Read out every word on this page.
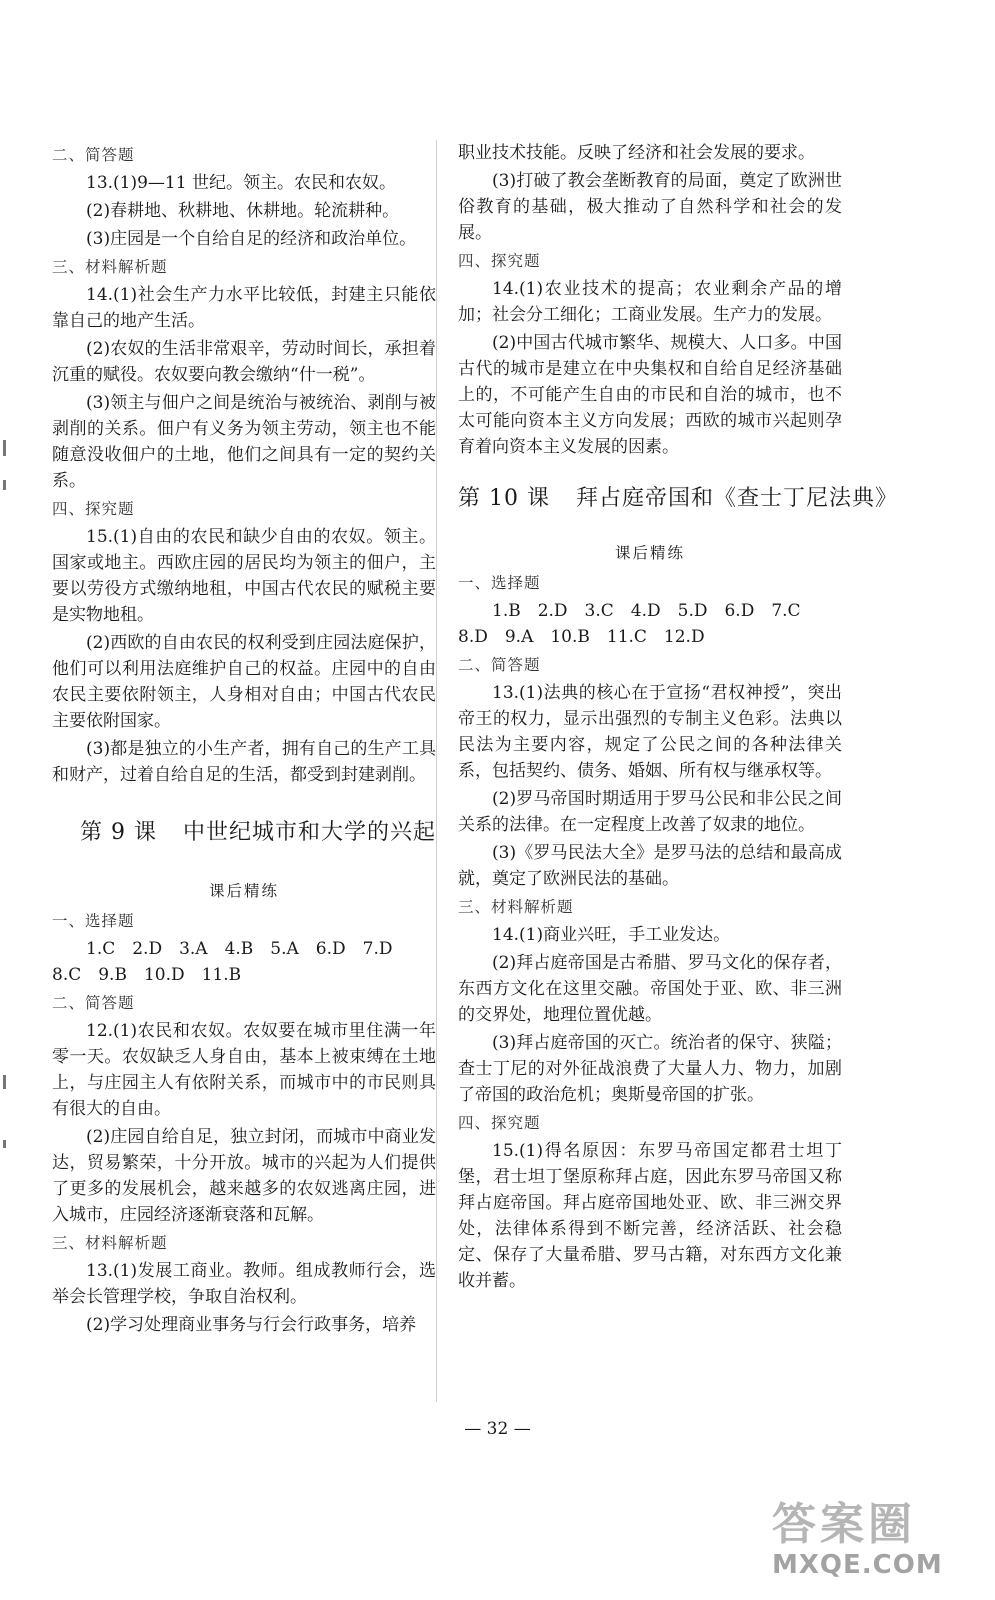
二、简答题
13.(1)9—11 世纪。领主。农民和农奴。
(2)春耕地、秋耕地、休耕地。轮流耕种。
(3)庄园是一个自给自足的经济和政治单位。
三、材料解析题
14.(1)社会生产力水平比较低，封建主只能依靠自己的地产生活。
(2)农奴的生活非常艰辛，劳动时间长，承担着沉重的赋役。农奴要向教会缴纳“什一税”。
(3)领主与佃户之间是统治与被统治、剥削与被剥削的关系。佃户有义务为领主劳动，领主也不能随意没收佃户的土地，他们之间具有一定的契约关系。
四、探究题
15.(1)自由的农民和缺少自由的农奴。领主。国家或地主。西欧庄园的居民均为领主的佃户，主要以劳役方式缴纳地租，中国古代农民的赋税主要是实物地租。
(2)西欧的自由农民的权利受到庄园法庭保护，他们可以利用法庭维护自己的权益。庄园中的自由农民主要依附领主，人身相对自由；中国古代农民主要依附国家。
(3)都是独立的小生产者，拥有自己的生产工具和财产，过着自给自足的生活，都受到封建剥削。
第 9 课 中世纪城市和大学的兴起
课后精练
一、选择题
1.C　2.D　3.A　4.B　5.A　6.D　7.D
8.C　9.B　10.D　11.B
二、简答题
12.(1)农民和农奴。农奴要在城市里住满一年零一天。农奴缺乏人身自由，基本上被束缚在土地上，与庄园主人有依附关系，而城市中的市民则具有很大的自由。
(2)庄园自给自足，独立封闭，而城市中商业发达，贸易繁荣，十分开放。城市的兴起为人们提供了更多的发展机会，越来越多的农奴逃离庄园，进入城市，庄园经济逐渐衰落和瓦解。
三、材料解析题
13.(1)发展工商业。教师。组成教师行会，选举会长管理学校，争取自治权利。
(2)学习处理商业事务与行会行政事务，培养
职业技术技能。反映了经济和社会发展的要求。
(3)打破了教会垄断教育的局面，奠定了欧洲世俗教育的基础，极大推动了自然科学和社会的发展。
四、探究题
14.(1)农业技术的提高；农业剩余产品的增加；社会分工细化；工商业发展。生产力的发展。
(2)中国古代城市繁华、规模大、人口多。中国古代的城市是建立在中央集权和自给自足经济基础上的，不可能产生自由的市民和自治的城市，也不太可能向资本主义方向发展；西欧的城市兴起则孕育着向资本主义发展的因素。
第 10 课 拜占庭帝国和《查士丁尼法典》
课后精练
一、选择题
1.B　2.D　3.C　4.D　5.D　6.D　7.C
8.D　9.A　10.B　11.C　12.D
二、简答题
13.(1)法典的核心在于宣扬“君权神授”，突出帝王的权力，显示出强烈的专制主义色彩。法典以民法为主要内容，规定了公民之间的各种法律关系，包括契约、债务、婚姻、所有权与继承权等。
(2)罗马帝国时期适用于罗马公民和非公民之间关系的法律。在一定程度上改善了奴隶的地位。
(3)《罗马民法大全》是罗马法的总结和最高成就，奠定了欧洲民法的基础。
三、材料解析题
14.(1)商业兴旺，手工业发达。
(2)拜占庭帝国是古希腊、罗马文化的保存者，东西方文化在这里交融。帝国处于亚、欧、非三洲的交界处，地理位置优越。
(3)拜占庭帝国的灭亡。统治者的保守、狭隘；查士丁尼的对外征战浪费了大量人力、物力，加剧了帝国的政治危机；奥斯曼帝国的扩张。
四、探究题
15.(1)得名原因：东罗马帝国定都君士坦丁堡，君士坦丁堡原称拜占庭，因此东罗马帝国又称拜占庭帝国。拜占庭帝国地处亚、欧、非三洲交界处，法律体系得到不断完善，经济活跃、社会稳定、保存了大量希腊、罗马古籍，对东西方文化兼收并蓄。
— 32 —
答案圈
MXQE.COM
